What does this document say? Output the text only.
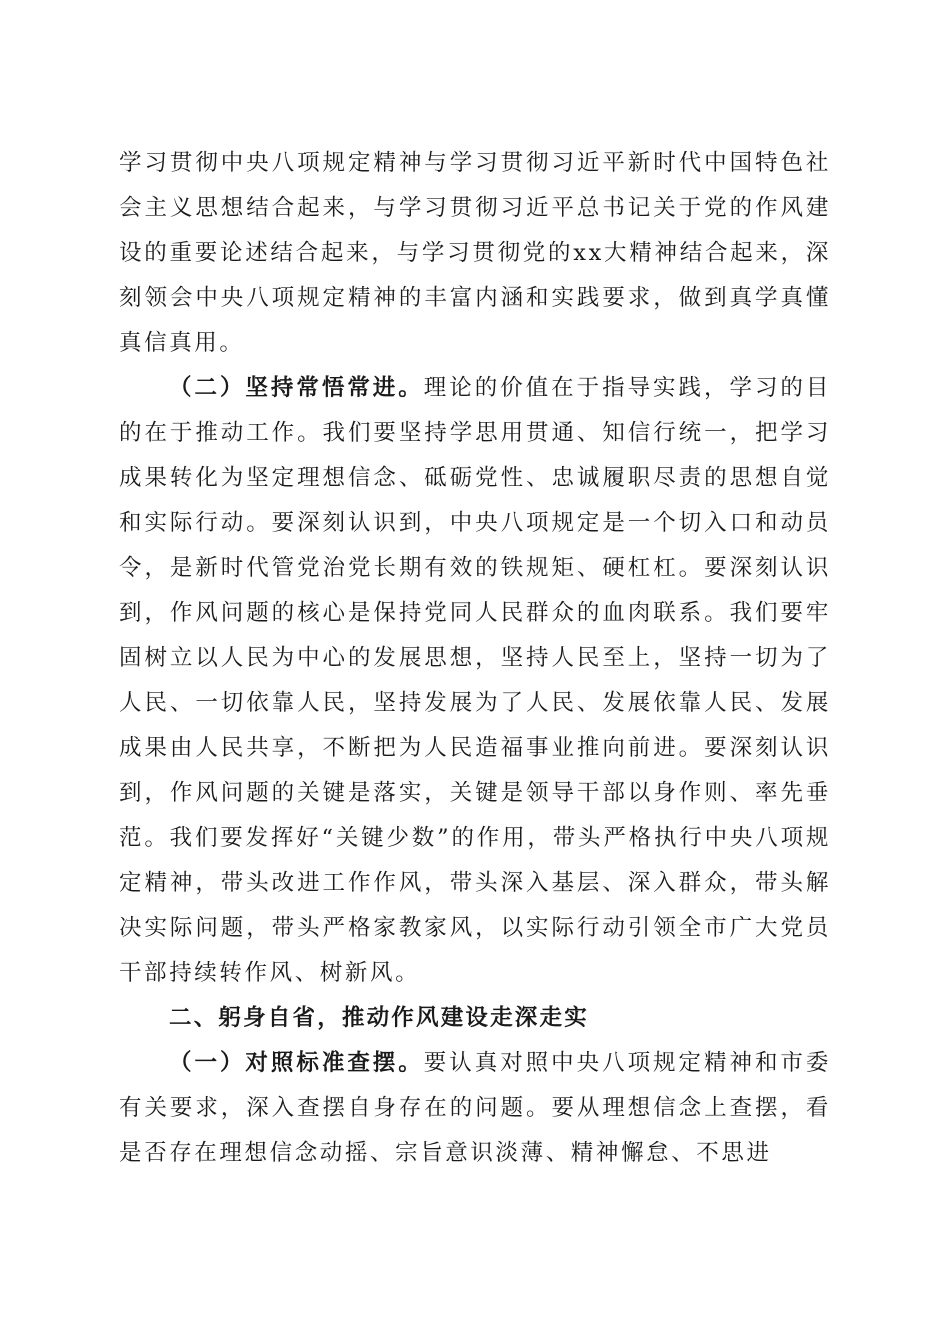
学习贯彻中央八项规定精神与学习贯彻习近平新时代中国特色社会主义思想结合起来，与学习贯彻习近平总书记关于党的作风建设的重要论述结合起来，与学习贯彻党的xx大精神结合起来，深刻领会中央八项规定精神的丰富内涵和实践要求，做到真学真懂真信真用。

（二）坚持常悟常进。理论的价值在于指导实践，学习的目的在于推动工作。我们要坚持学思用贯通、知信行统一，把学习成果转化为坚定理想信念、砥砺党性、忠诚履职尽责的思想自觉和实际行动。要深刻认识到，中央八项规定是一个切入口和动员令，是新时代管党治党长期有效的铁规矩、硬杠杠。要深刻认识到，作风问题的核心是保持党同人民群众的血肉联系。我们要牢固树立以人民为中心的发展思想，坚持人民至上，坚持一切为了人民、一切依靠人民，坚持发展为了人民、发展依靠人民、发展成果由人民共享，不断把为人民造福事业推向前进。要深刻认识到，作风问题的关键是落实，关键是领导干部以身作则、率先垂范。我们要发挥好“关键少数”的作用，带头严格执行中央八项规定精神，带头改进工作作风，带头深入基层、深入群众，带头解决实际问题，带头严格家教家风，以实际行动引领全市广大党员干部持续转作风、树新风。

二、躬身自省，推动作风建设走深走实

（一）对照标准查摆。要认真对照中央八项规定精神和市委有关要求，深入查摆自身存在的问题。要从理想信念上查摆，看是否存在理想信念动摇、宗旨意识淡薄、精神懈怠、不思进
